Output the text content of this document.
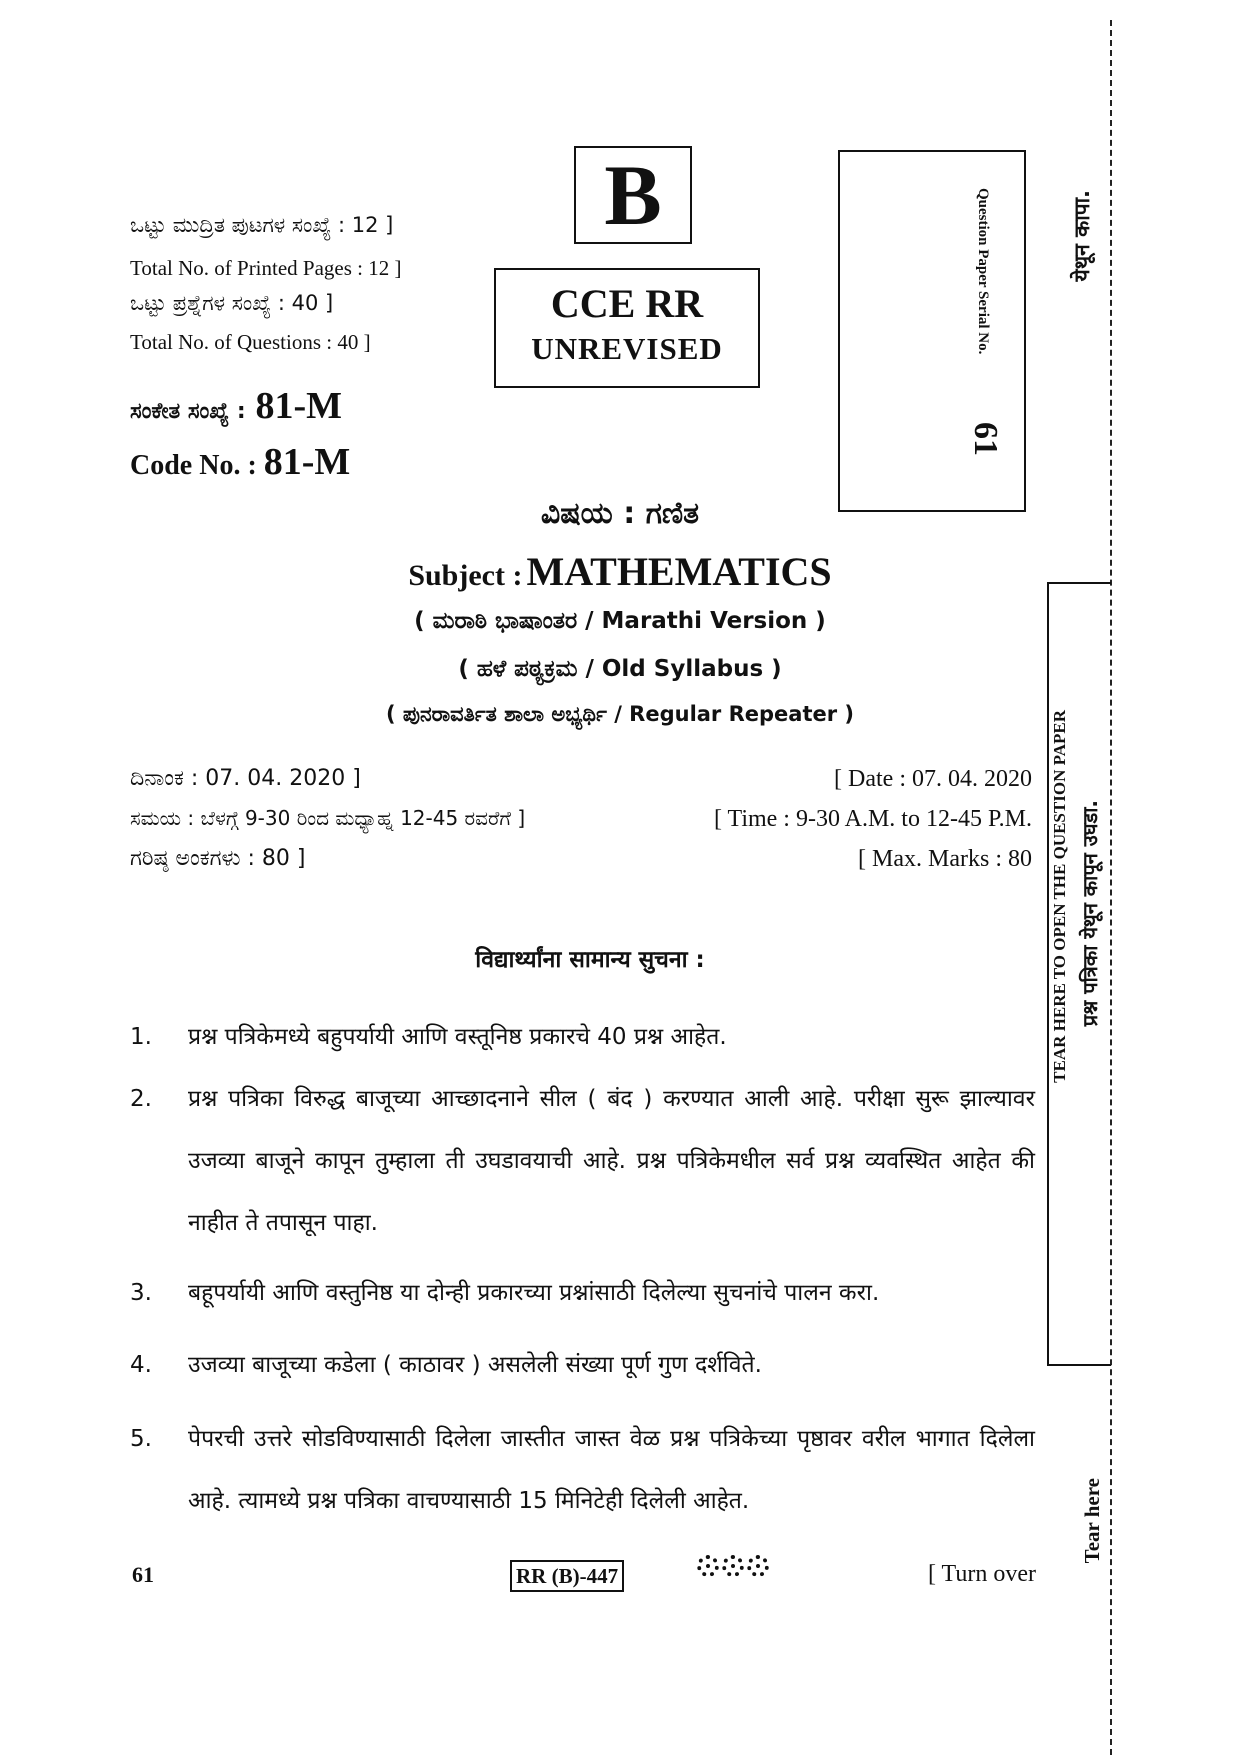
ಒಟ್ಟು ಮುದ್ರಿತ ಪುಟಗಳ ಸಂಖ್ಯೆ : 12 ]
Total No. of Printed Pages : 12 ]
ಒಟ್ಟು ಪ್ರಶ್ನೆಗಳ ಸಂಖ್ಯೆ : 40 ]
Total No. of Questions : 40 ]
ಸಂಕೇತ ಸಂಖ್ಯೆ : 81-M
Code No. : 81-M
B
CCE RR
UNREVISED	Question Paper Serial No.
61
ವಿಷಯ : ಗಣಿತ
Subject : MATHEMATICS
( ಮರಾಠಿ ಭಾಷಾಂತರ / Marathi Version )
( ಹಳೆ ಪಠ್ಯಕ್ರಮ / Old Syllabus )
( ಪುನರಾವರ್ತಿತ ಶಾಲಾ ಅಭ್ಯರ್ಥಿ / Regular Repeater )
ದಿನಾಂಕ : 07. 04. 2020 ]	[ Date : 07. 04. 2020
ಸಮಯ : ಬೆಳಗ್ಗೆ 9-30 ರಿಂದ ಮಧ್ಯಾಹ್ನ 12-45 ರವರೆಗೆ ]	[ Time : 9-30 A.M. to 12-45 P.M.
ಗರಿಷ್ಠ ಅಂಕಗಳು : 80 ]	[ Max. Marks : 80
विद्यार्थ्यांना सामान्य सुचना :
1. प्रश्न पत्रिकेमध्ये बहुपर्यायी आणि वस्तूनिष्ठ प्रकारचे 40 प्रश्न आहेत.
2. प्रश्न पत्रिका विरुद्ध बाजूच्या आच्छादनाने सील ( बंद ) करण्यात आली आहे. परीक्षा सुरू झाल्यावर उजव्या बाजूने कापून तुम्हाला ती उघडावयाची आहे. प्रश्न पत्रिकेमधील सर्व प्रश्न व्यवस्थित आहेत की नाहीत ते तपासून पाहा.
3. बहूपर्यायी आणि वस्तुनिष्ठ या दोन्ही प्रकारच्या प्रश्नांसाठी दिलेल्या सुचनांचे पालन करा.
4. उजव्या बाजूच्या कडेला ( काठावर ) असलेली संख्या पूर्ण गुण दर्शविते.
5. पेपरची उत्तरे सोडविण्यासाठी दिलेला जास्तीत जास्त वेळ प्रश्न पत्रिकेच्या पृष्ठावर वरील भागात दिलेला आहे. त्यामध्ये प्रश्न पत्रिका वाचण्यासाठी 15 मिनिटेही दिलेली आहेत.
येथून कापा.
TEAR HERE TO OPEN THE QUESTION PAPER प्रश्न पत्रिका येथून कापून उघडा.
Tear here
61	RR (B)-447	[ Turn over
